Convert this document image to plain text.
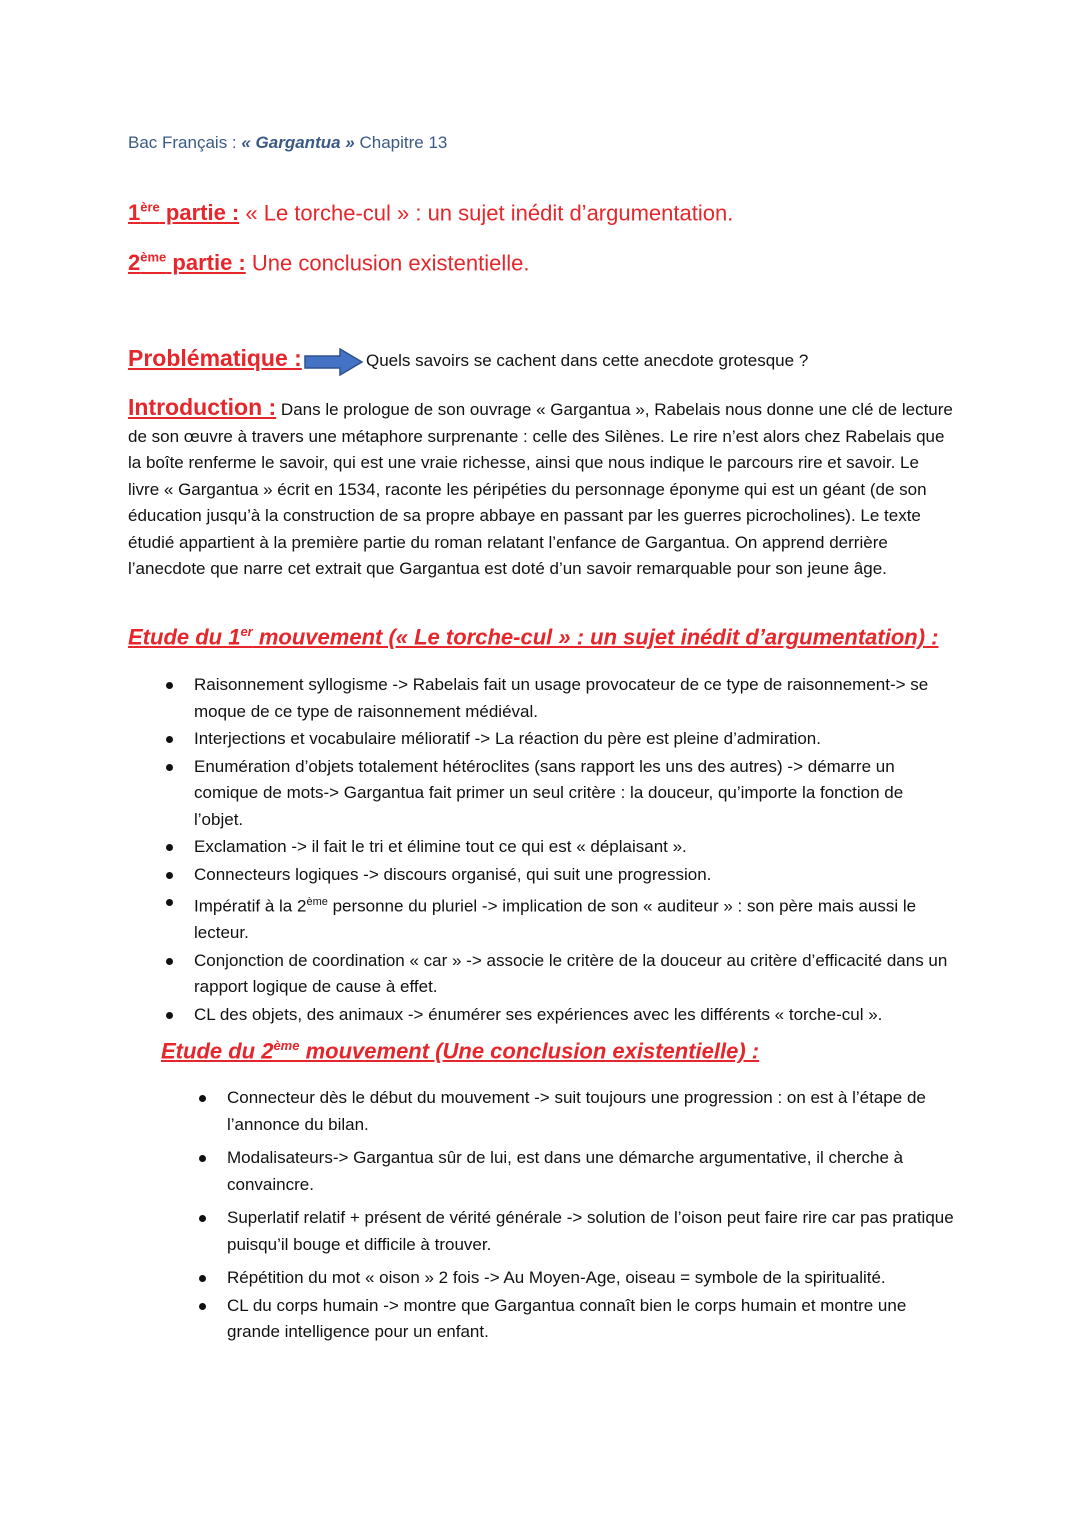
Bac Français : « Gargantua » Chapitre 13
1ère partie : « Le torche-cul » : un sujet inédit d’argumentation.
2ème partie : Une conclusion existentielle.
Problématique :	Quels savoirs se cachent dans cette anecdote grotesque ?
Introduction : Dans le prologue de son ouvrage « Gargantua », Rabelais nous donne une clé de lecture de son œuvre à travers une métaphore surprenante : celle des Silènes. Le rire n’est alors chez Rabelais que la boîte renferme le savoir, qui est une vraie richesse, ainsi que nous indique le parcours rire et savoir. Le livre « Gargantua » écrit en 1534, raconte les péripéties du personnage éponyme qui est un géant (de son éducation jusqu’à la construction de sa propre abbaye en passant par les guerres picrocholines). Le texte étudié appartient à la première partie du roman relatant l’enfance de Gargantua. On apprend derrière l’anecdote que narre cet extrait que Gargantua est doté d’un savoir remarquable pour son jeune âge.
Etude du 1er mouvement (« Le torche-cul » : un sujet inédit d’argumentation) :
Raisonnement syllogisme -> Rabelais fait un usage provocateur de ce type de raisonnement-> se moque de ce type de raisonnement médiéval.
Interjections et vocabulaire mélioratif -> La réaction du père est pleine d’admiration.
Enumération d’objets totalement hétéroclites (sans rapport les uns des autres) -> démarre un comique de mots-> Gargantua fait primer un seul critère : la douceur, qu’importe la fonction de l’objet.
Exclamation -> il fait le tri et élimine tout ce qui est « déplaisant ».
Connecteurs logiques -> discours organisé, qui suit une progression.
Impératif à la 2ème personne du pluriel -> implication de son « auditeur » : son père mais aussi le lecteur.
Conjonction de coordination « car » -> associe le critère de la douceur au critère d’efficacité dans un rapport logique de cause à effet.
CL des objets, des animaux -> énumérer ses expériences avec les différents « torche-cul ».
Etude du 2ème mouvement (Une conclusion existentielle) :
Connecteur dès le début du mouvement -> suit toujours une progression : on est à l’étape de l’annonce du bilan.
Modalisateurs-> Gargantua sûr de lui, est dans une démarche argumentative, il cherche à convaincre.
Superlatif relatif + présent de vérité générale -> solution de l’oison peut faire rire car pas pratique puisqu’il bouge et difficile à trouver.
Répétition du mot « oison » 2 fois -> Au Moyen-Age, oiseau = symbole de la spiritualité.
CL du corps humain -> montre que Gargantua connaît bien le corps humain et montre une grande intelligence pour un enfant.
